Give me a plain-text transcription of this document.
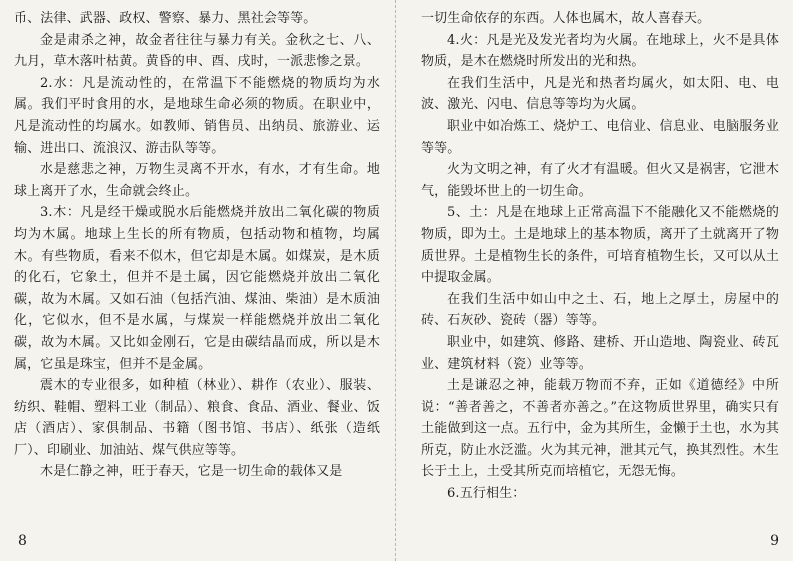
币、法律、武器、政权、警察、暴力、黑社会等等。

金是肃杀之神，故金者往往与暴力有关。金秋之七、八、九月，草木落叶枯黄。黄昏的申、酉、戌时，一派悲惨之景。

2.水：凡是流动性的，在常温下不能燃烧的物质均为水属。我们平时食用的水，是地球生命必须的物质。在职业中，凡是流动性的均属水。如教师、销售员、出纳员、旅游业、运输、进出口、流浪汉、游击队等等。

水是慈悲之神，万物生灵离不开水，有水，才有生命。地球上离开了水，生命就会终止。

3.木：凡是经干燥或脱水后能燃烧并放出二氧化碳的物质均为木属。地球上生长的所有物质，包括动物和植物，均属木。有些物质，看来不似木，但它却是木属。如煤炭，是木质的化石，它象土，但并不是土属，因它能燃烧并放出二氧化碳，故为木属。又如石油（包括汽油、煤油、柴油）是木质油化，它似水，但不是水属，与煤炭一样能燃烧并放出二氧化碳，故为木属。又比如金刚石，它是由碳结晶而成，所以是木属，它虽是珠宝，但并不是金属。

震木的专业很多，如种植（林业）、耕作（农业）、服装、纺织、鞋帽、塑料工业（制品）、粮食、食品、酒业、餐业、饭店（酒店）、家俱制品、书籍（图书馆、书店）、纸张（造纸厂）、印刷业、加油站、煤气供应等等。

木是仁静之神，旺于春天，它是一切生命的载体又是

一切生命依存的东西。人体也属木，故人喜春天。

4.火：凡是光及发光者均为火属。在地球上，火不是具体物质，是木在燃烧时所发出的光和热。

在我们生活中，凡是光和热者均属火，如太阳、电、电波、激光、闪电、信息等等均为火属。

职业中如冶炼工、烧炉工、电信业、信息业、电脑服务业等等。

火为文明之神，有了火才有温暖。但火又是祸害，它泄木气，能毁坏世上的一切生命。

5、土：凡是在地球上正常高温下不能融化又不能燃烧的物质，即为土。土是地球上的基本物质，离开了土就离开了物质世界。土是植物生长的条件，可培育植物生长，又可以从土中提取金属。

在我们生活中如山中之土、石，地上之厚土，房屋中的砖、石灰砂、瓷砖（器）等等。

职业中，如建筑、修路、建桥、开山造地、陶瓷业、砖瓦业、建筑材料（瓷）业等等。

土是谦忍之神，能载万物而不弃，正如《道德经》中所说：“善者善之，不善者亦善之。”在这物质世界里，确实只有土能做到这一点。五行中，金为其所生，金懒于土也，水为其所克，防止水泛滥。火为其元神，泄其元气，换其烈性。木生长于土上，土受其所克而培植它，无怨无悔。

6.五行相生：

8	9
